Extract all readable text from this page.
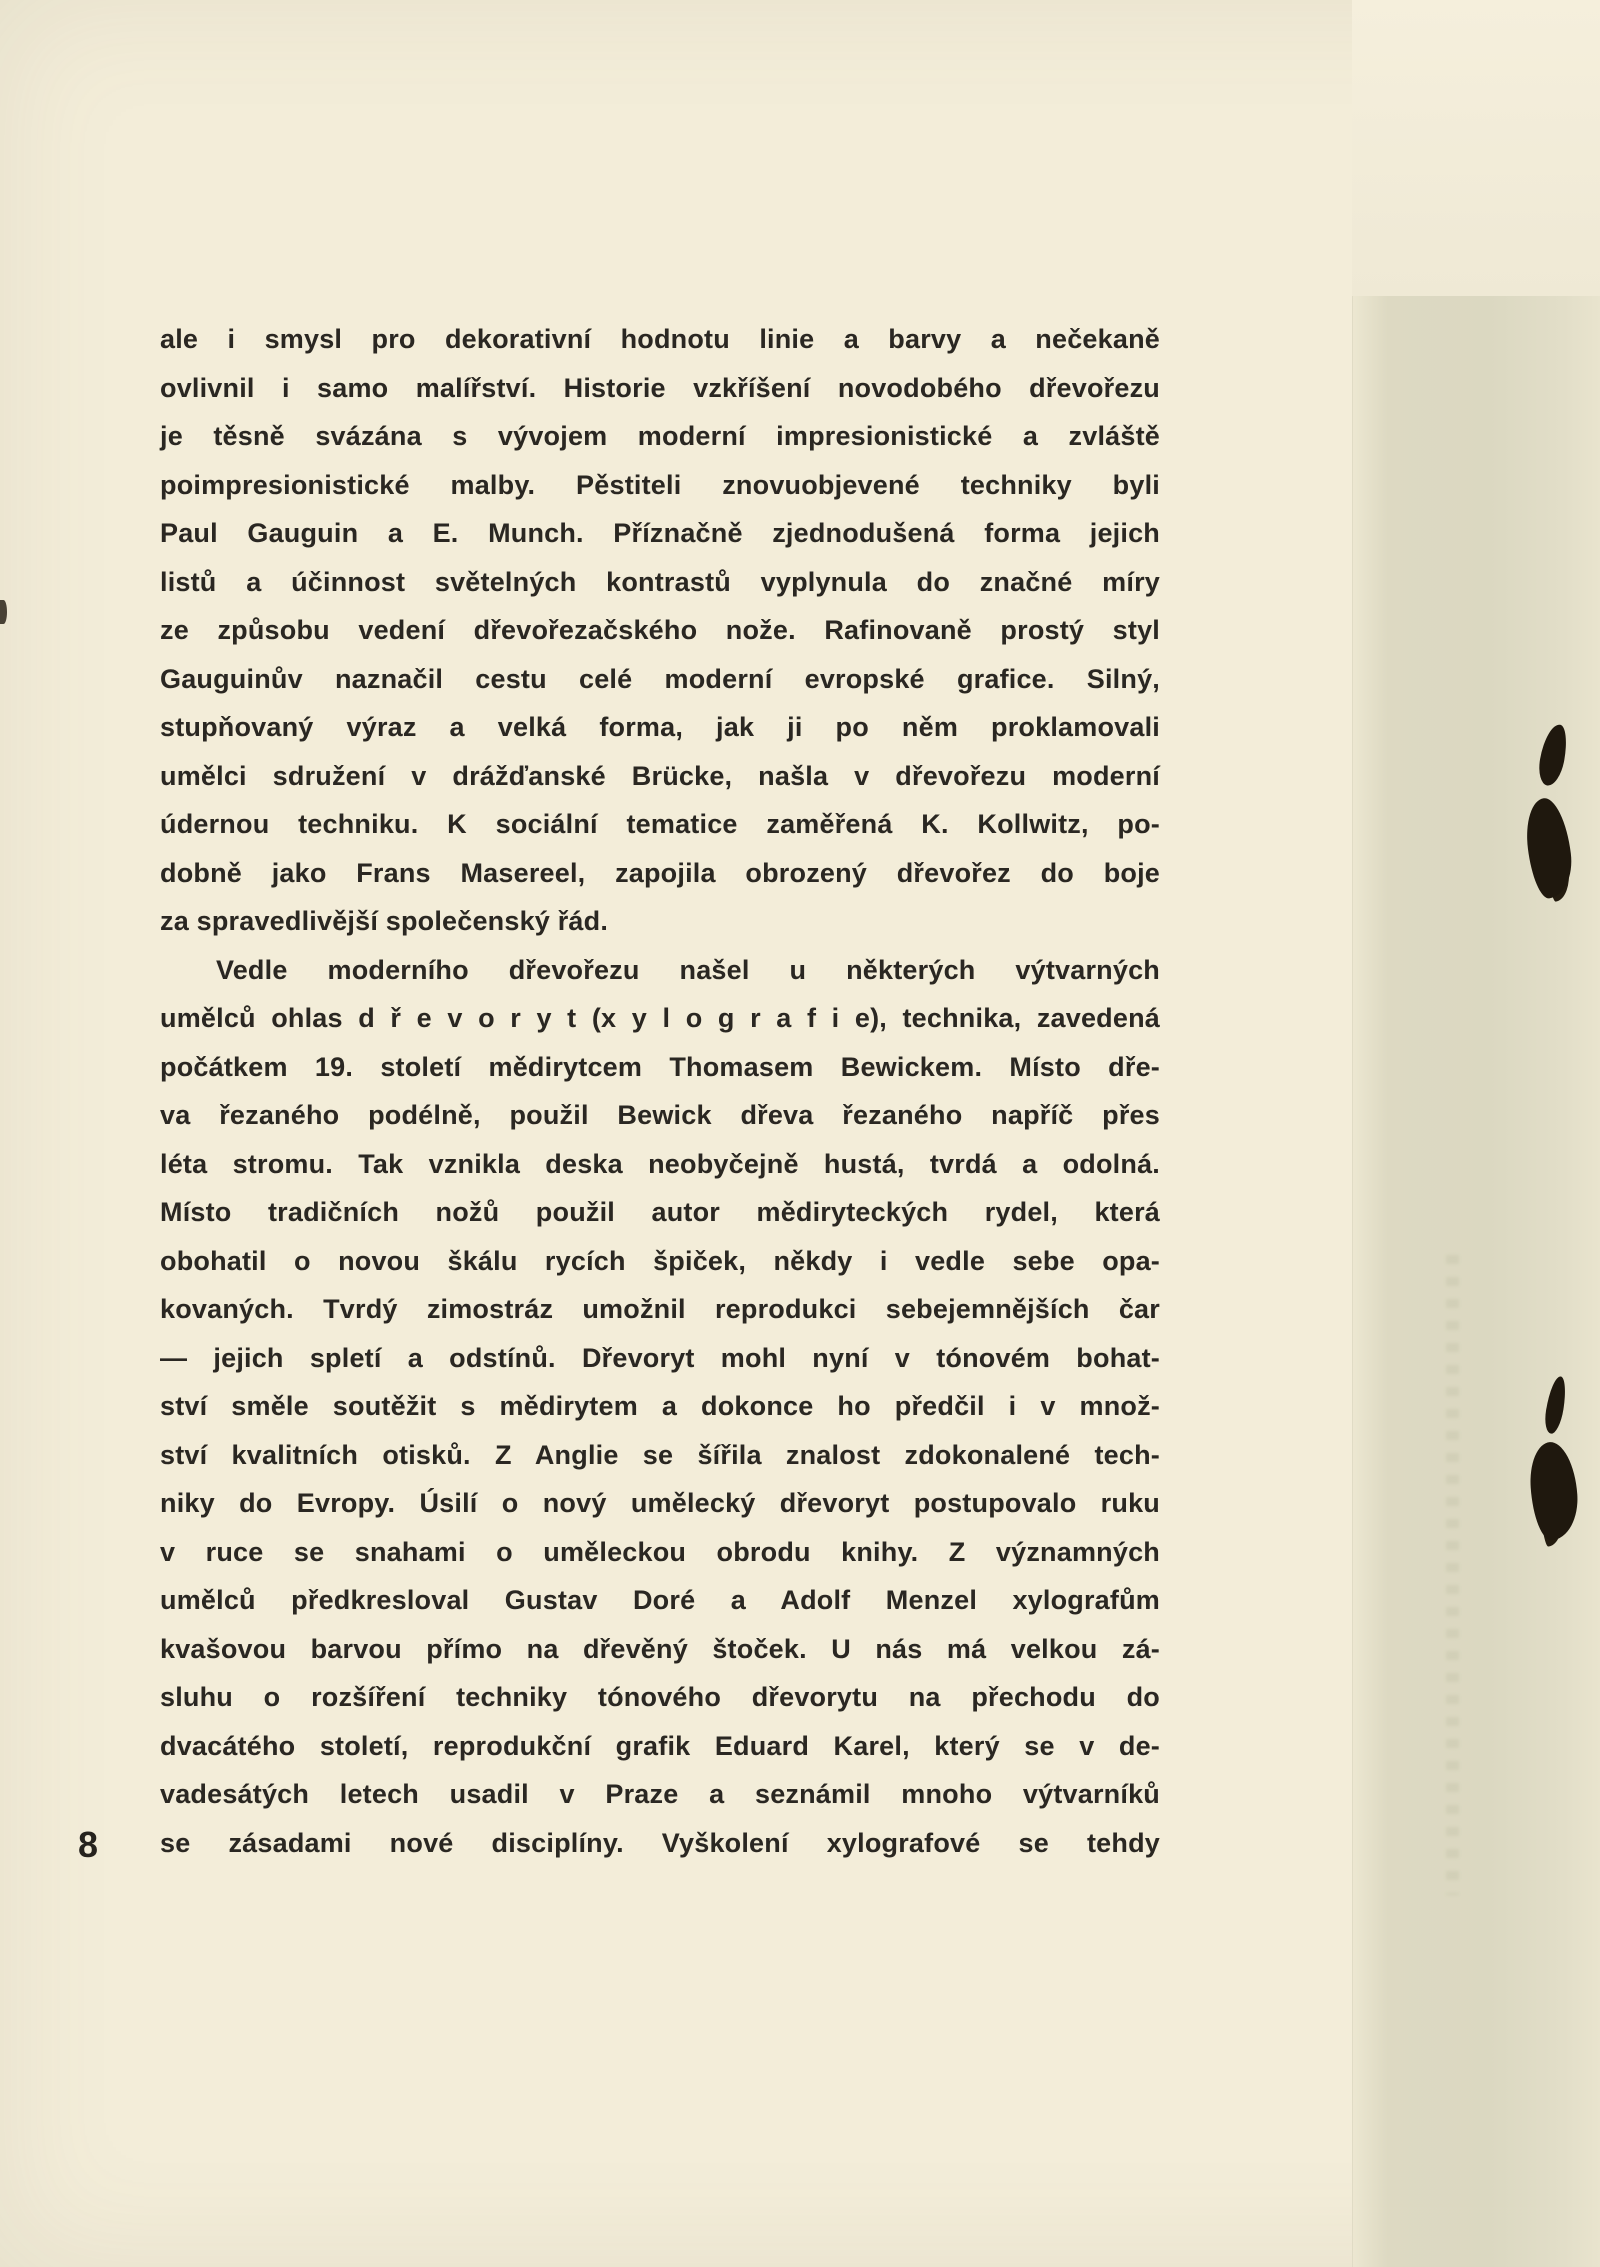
ale i smysl pro dekorativní hodnotu linie a barvy a nečekaně
ovlivnil i samo malířství. Historie vzkříšení novodobého dřevořezu
je těsně svázána s vývojem moderní impresionistické a zvláště
poimpresionistické malby. Pěstiteli znovuobjevené techniky byli
Paul Gauguin a E. Munch. Příznačně zjednodušená forma jejich
listů a účinnost světelných kontrastů vyplynula do značné míry
ze způsobu vedení dřevořezačského nože. Rafinovaně prostý styl
Gauguinův naznačil cestu celé moderní evropské grafice. Silný,
stupňovaný výraz a velká forma, jak ji po něm proklamovali
umělci sdružení v drážďanské Brücke, našla v dřevořezu moderní
údernou techniku. K sociální tematice zaměřená K. Kollwitz, po-
dobně jako Frans Masereel, zapojila obrozený dřevořez do boje
za spravedlivější společenský řád.
Vedle moderního dřevořezu našel u některých výtvarných
umělců ohlas d ř e v o r y t (x y l o g r a f i e), technika, zavedená
počátkem 19. století mědirytcem Thomasem Bewickem. Místo dře-
va řezaného podélně, použil Bewick dřeva řezaného napříč přes
léta stromu. Tak vznikla deska neobyčejně hustá, tvrdá a odolná.
Místo tradičních nožů použil autor mědiryteckých rydel, která
obohatil o novou škálu rycích špiček, někdy i vedle sebe opa-
kovaných. Tvrdý zimostráz umožnil reprodukci sebejemnějších čar
— jejich spletí a odstínů. Dřevoryt mohl nyní v tónovém bohat-
ství směle soutěžit s mědirytem a dokonce ho předčil i v množ-
ství kvalitních otisků. Z Anglie se šířila znalost zdokonalené tech-
niky do Evropy. Úsilí o nový umělecký dřevoryt postupovalo ruku
v ruce se snahami o uměleckou obrodu knihy. Z významných
umělců předkresloval Gustav Doré a Adolf Menzel xylografům
kvašovou barvou přímo na dřevěný štoček. U nás má velkou zá-
sluhu o rozšíření techniky tónového dřevorytu na přechodu do
dvacátého století, reprodukční grafik Eduard Karel, který se v de-
vadesátých letech usadil v Praze a seznámil mnoho výtvarníků
se zásadami nové disciplíny. Vyškolení xylografové se tehdy
8
